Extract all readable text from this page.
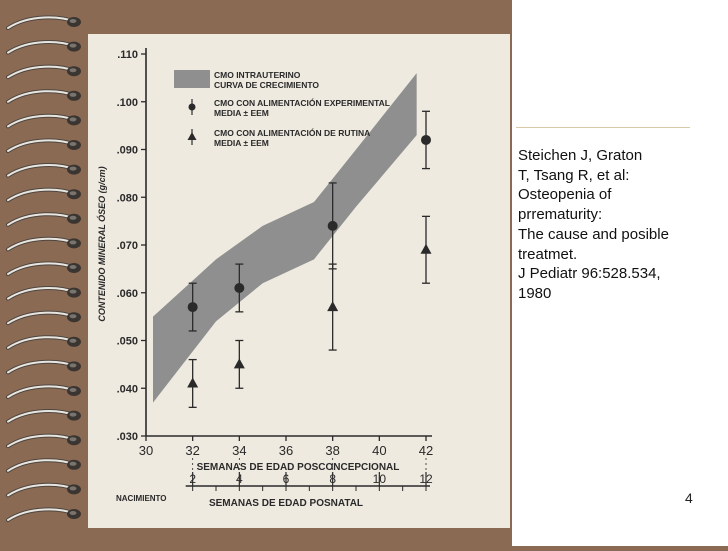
.110
.100
.090
.080
.070
.060
.050
.040
.030
30 32 34 36 38 40 42
2	4	6	8	10	12
CMO INTRAUTERINO
CURVA DE CRECIMIENTO
CMO CON ALIMENTACIÓN EXPERIMENTAL
MEDIA ± EEM
CMO CON ALIMENTACIÓN DE RUTINA
MEDIA ± EEM
CONTENIDO MINERAL ÓSEO (g/cm)
SEMANAS DE EDAD POSCONCEPCIONAL
SEMANAS DE EDAD POSNATAL
NACIMIENTO
Steichen J, Graton
T, Tsang R, et al:
Osteopenia of
prrematurity:
The cause and posible
treatmet.
J Pediatr 96:528.534,
1980
4
